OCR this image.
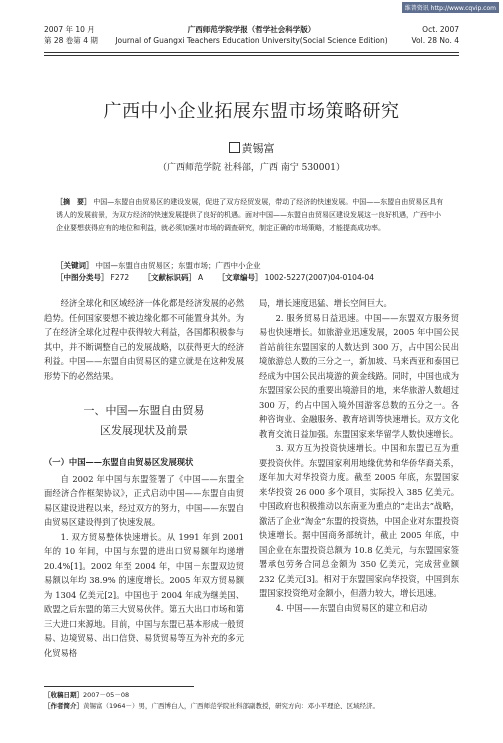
维普资讯 http://www.cqvip.com
2007 年 10 月
第 28 卷第 4 期
广西师范学院学报（哲学社会科学版）
Journal of Guangxi Teachers Education University(Social Science Edition)
Oct. 2007
Vol. 28 No. 4
广西中小企业拓展东盟市场策略研究
黄锡富
（广西师范学院 社科部，广西 南宁 530001）
［摘　要］ 中国—东盟自由贸易区的建设发展，促进了双方经贸发展，带动了经济的快速发展。中国——东盟自由贸易区具有诱人的发展前景，为双方经济的快速发展提供了良好的机遇。面对中国——东盟自由贸易区建设发展这一良好机遇，广西中小企业要想获得应有的地位和利益，就必须加强对市场的调查研究，制定正确的市场策略，才能提高成功率。
［关键词］ 中国—东盟自由贸易区；东盟市场；广西中小企业
［中图分类号］ F272 ［文献标识码］ A ［文章编号］ 1002-5227(2007)04-0104-04

经济全球化和区域经济一体化都是经济发展的必然趋势。任何国家要想不被边缘化都不可能置身其外。为了在经济全球化过程中获得较大利益，各国都积极参与其中，并不断调整自己的发展战略，以获得更大的经济利益。中国——东盟自由贸易区的建立就是在这种发展形势下的必然结果。

一、中国—东盟自由贸易
区发展现状及前景
（一）中国——东盟自由贸易区发展现状

自 2002 年中国与东盟签署了《中国——东盟全面经济合作框架协议》，正式启动中国——东盟自由贸易区建设进程以来，经过双方的努力，中国——东盟自由贸易区建设得到了快速发展。

1. 双方贸易整体快速增长。从 1991 年到 2001 年的 10 年间，中国与东盟的进出口贸易额年均递增 20.4%[1]。2002 年至 2004 年，中国－东盟双边贸易额以年均 38.9% 的速度增长。2005 年双方贸易额为 1304 亿美元[2]。中国也于 2004 年成为继美国、欧盟之后东盟的第三大贸易伙伴。第五大出口市场和第三大进口来源地。目前，中国与东盟已基本形成一般贸易、边境贸易、出口信贷、易货贸易等互为补充的多元化贸易格

局，增长速度迅猛、增长空间巨大。

2. 服务贸易日益迅速。中国——东盟双方服务贸易也快速增长。如旅游业迅速发展，2005 年中国公民首站前往东盟国家的人数达到 300 万，占中国公民出境旅游总人数的三分之一，新加坡、马来西亚和泰国已经成为中国公民出境游的黄金线路。同时，中国也成为东盟国家公民的重要出境游目的地，来华旅游人数超过 300 万，约占中国入境外国游客总数的五分之一。各种咨询业、金融服务、教育培训等快速增长。双方文化教育交流日益加强。东盟国家来华留学人数快速增长。

3. 双方互为投资快速增长。中国和东盟已互为重要投资伙伴。东盟国家利用地缘优势和华侨华裔关系，逐年加大对华投资力度。截至 2005 年底，东盟国家来华投资 26 000 多个项目，实际投入 385 亿美元。中国政府也积极推动以东南亚为重点的“走出去”战略，激活了企业“淘金”东盟的投资热，中国企业对东盟投资快速增长。据中国商务部统计，截止 2005 年底，中国企业在东盟投资总额为 10.8 亿美元，与东盟国家签署承包劳务合同总金额为 350 亿美元，完成营业额 232 亿美元[3]。相对于东盟国家向华投资，中国到东盟国家投资绝对金额小，但潜力较大，增长迅速。

4. 中国——东盟自由贸易区的建立和启动

［收稿日期］2007－05－08
［作者简介］黄锡富（1964－）男，广西博白人，广西师范学院社科部副教授，研究方向：邓小平理论、区域经济。
